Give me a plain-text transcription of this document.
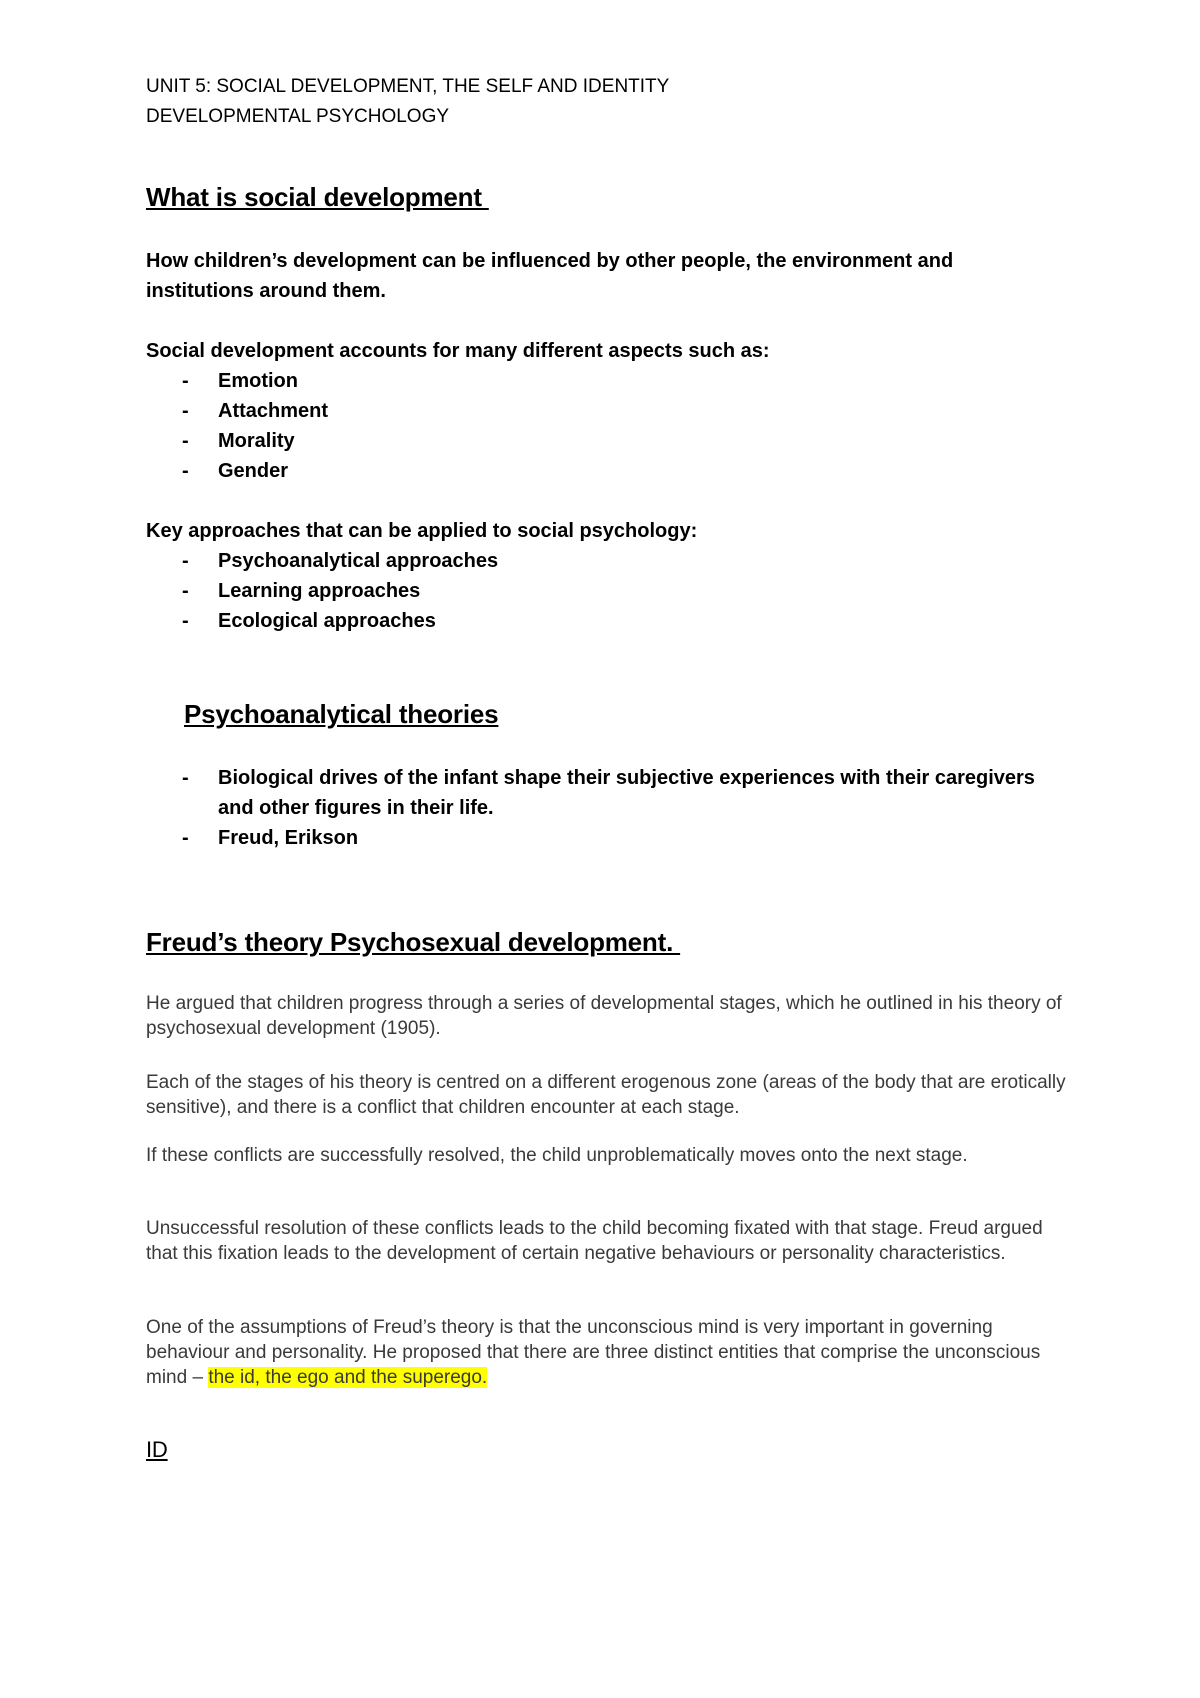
UNIT 5: SOCIAL DEVELOPMENT, THE SELF AND IDENTITY
DEVELOPMENTAL PSYCHOLOGY
What is social development
How children’s development can be influenced by other people, the environment and
institutions around them.
Social development accounts for many different aspects such as:
- Emotion
- Attachment
- Morality
- Gender
Key approaches that can be applied to social psychology:
- Psychoanalytical approaches
- Learning approaches
- Ecological approaches
Psychoanalytical theories
- Biological drives of the infant shape their subjective experiences with their caregivers
and other figures in their life.
- Freud, Erikson
Freud’s theory Psychosexual development.

He argued that children progress through a series of developmental stages, which he outlined in his theory of psychosexual development (1905).

Each of the stages of his theory is centred on a different erogenous zone (areas of the body that are erotically sensitive), and there is a conflict that children encounter at each stage.

If these conflicts are successfully resolved, the child unproblematically moves onto the next stage.

Unsuccessful resolution of these conflicts leads to the child becoming fixated with that stage. Freud argued that this fixation leads to the development of certain negative behaviours or personality characteristics.

One of the assumptions of Freud’s theory is that the unconscious mind is very important in governing behaviour and personality. He proposed that there are three distinct entities that comprise the unconscious mind – the id, the ego and the superego.

ID
